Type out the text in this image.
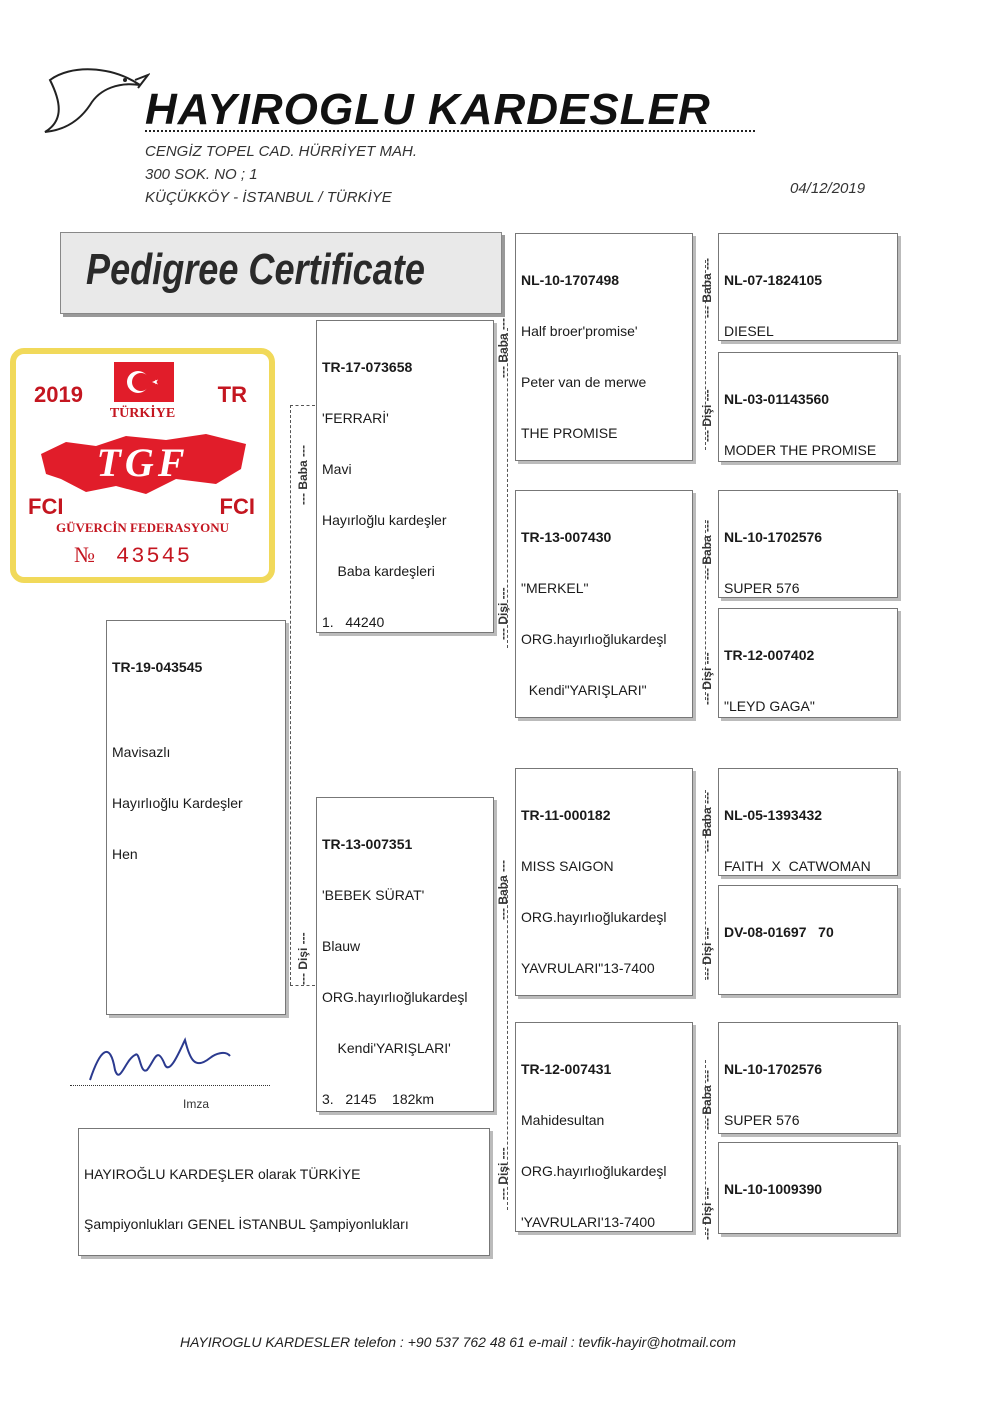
HAYIROGLU KARDESLER
CENGİZ TOPEL CAD. HÜRRİYET MAH.
300 SOK. NO ; 1
KÜÇÜKKÖY - İSTANBUL / TÜRKİYE
04/12/2019
Pedigree Certificate
2019	TR
TÜRKİYE
TGF
FCI	FCI
GÜVERCİN FEDERASYONU
№ 43545
--- Baba ---
--- Dişi ---
--- Baba ---
--- Dişi ---
--- Baba ---
--- Dişi ---
--- Baba ---
--- Dişi ---
--- Baba ---
--- Dişi ---
--- Baba ---
--- Dişi ---
--- Baba ---
--- Dişi ---

TR-19-043545

Mavisazlı

Hayırlıoğlu Kardeşler

Hen

TR-17-073658

'FERRARİ'

Mavi

Hayırloğlu kardeşler

Baba kardeşleri

1.   44240

TR-13-007351

'BEBEK SÜRAT'

Blauw

ORG.hayırlıoğlukardeşl

Kendi'YARIŞLARI'

3.   2145    182km

NL-10-1707498

Half broer'promise'

Peter van de merwe

THE PROMISE

TR-13-007430

"MERKEL"

ORG.hayırlıoğlukardeşl

Kendi"YARIŞLARI"

TR-11-000182

MISS SAIGON

ORG.hayırlıoğlukardeşl

YAVRULARI"13-7400

TR-12-007431

Mahidesultan

ORG.hayırlıoğlukardeşl

'YAVRULARI'13-7400

NL-07-1824105

DIESEL

NL-03-01143560

MODER THE PROMISE

NL-10-1702576

SUPER 576

TR-12-007402

"LEYD GAGA"

NL-05-1393432

FAITH  X  CATWOMAN

DV-08-01697   70

NL-10-1702576

SUPER 576

NL-10-1009390

Imza

HAYIROĞLU KARDEŞLER olarak TÜRKİYE

Şampiyonlukları GENEL İSTANBUL Şampiyonlukları

HAYIROGLU KARDESLER telefon : +90 537 762 48 61 e-mail : tevfik-hayir@hotmail.com
